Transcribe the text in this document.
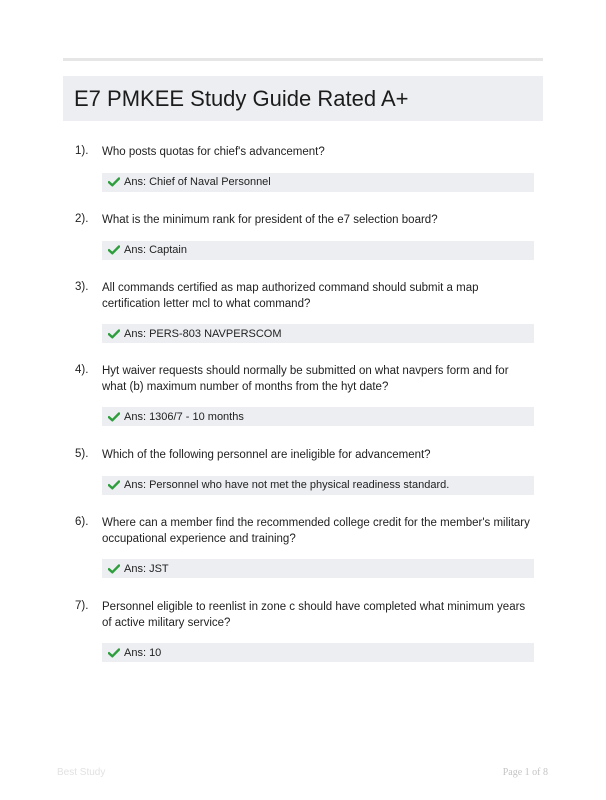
E7 PMKEE Study Guide Rated A+
1). Who posts quotas for chief's advancement?
Ans: Chief of Naval Personnel
2). What is the minimum rank for president of the e7 selection board?
Ans: Captain
3). All commands certified as map authorized command should submit a map certification letter mcl to what command?
Ans: PERS-803 NAVPERSCOM
4). Hyt waiver requests should normally be submitted on what navpers form and for what (b) maximum number of months from the hyt date?
Ans: 1306/7 - 10 months
5). Which of the following personnel are ineligible for advancement?
Ans: Personnel who have not met the physical readiness standard.
6). Where can a member find the recommended college credit for the member's military occupational experience and training?
Ans: JST
7). Personnel eligible to reenlist in zone c should have completed what minimum years of active military service?
Ans: 10
Best Study	Page 1 of 8
